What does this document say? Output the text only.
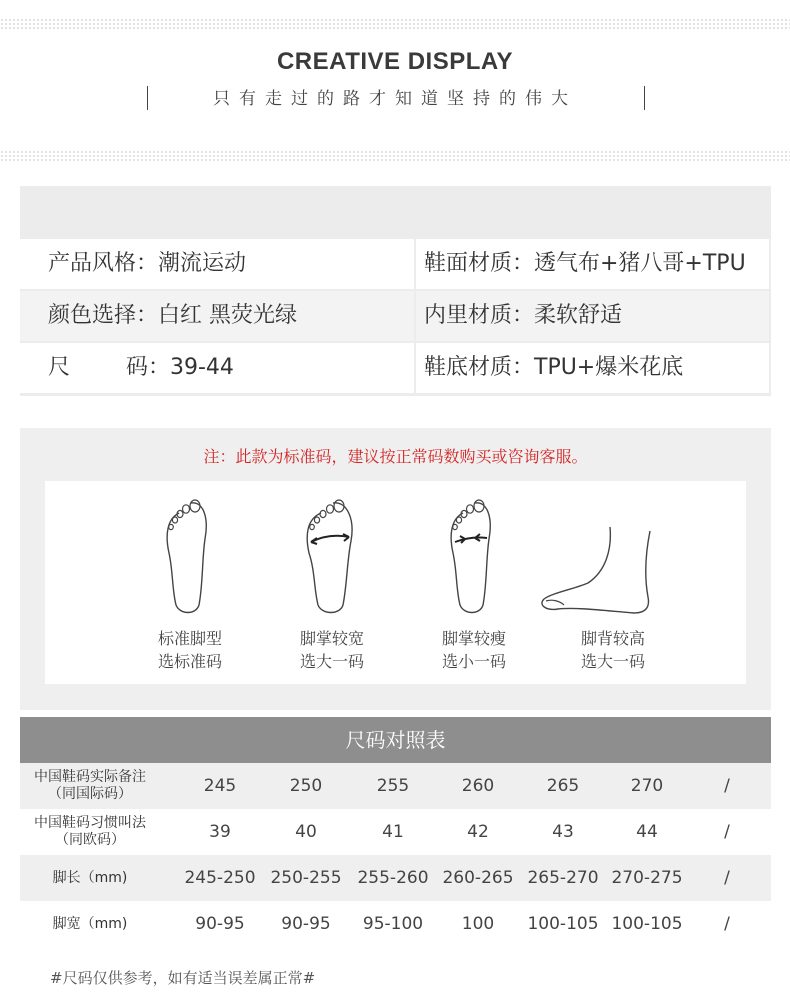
CREATIVE DISPLAY
只有走过的路才知道坚持的伟大
产品风格：潮流运动	鞋面材质：透气布+猪八哥+TPU
颜色选择：白红 黑荧光绿	内里材质：柔软舒适
尺        码：39-44	鞋底材质：TPU+爆米花底
注：此款为标准码，建议按正常码数购买或咨询客服。
标准脚型
选标准码
脚掌较宽
选大一码
脚掌较瘦
选小一码
脚背较高
选大一码
尺码对照表
中国鞋码实际备注
（同国际码）	245	250	255	260	265	270	/
中国鞋码习惯叫法
（同欧码）	39	40	41	42	43	44	/
脚长（mm)	245-250 250-255 255-260 260-265 265-270 270-275	/
脚宽（mm)	90-95	90-95	95-100	100	100-105 100-105	/
#尺码仅供参考，如有适当误差属正常#
